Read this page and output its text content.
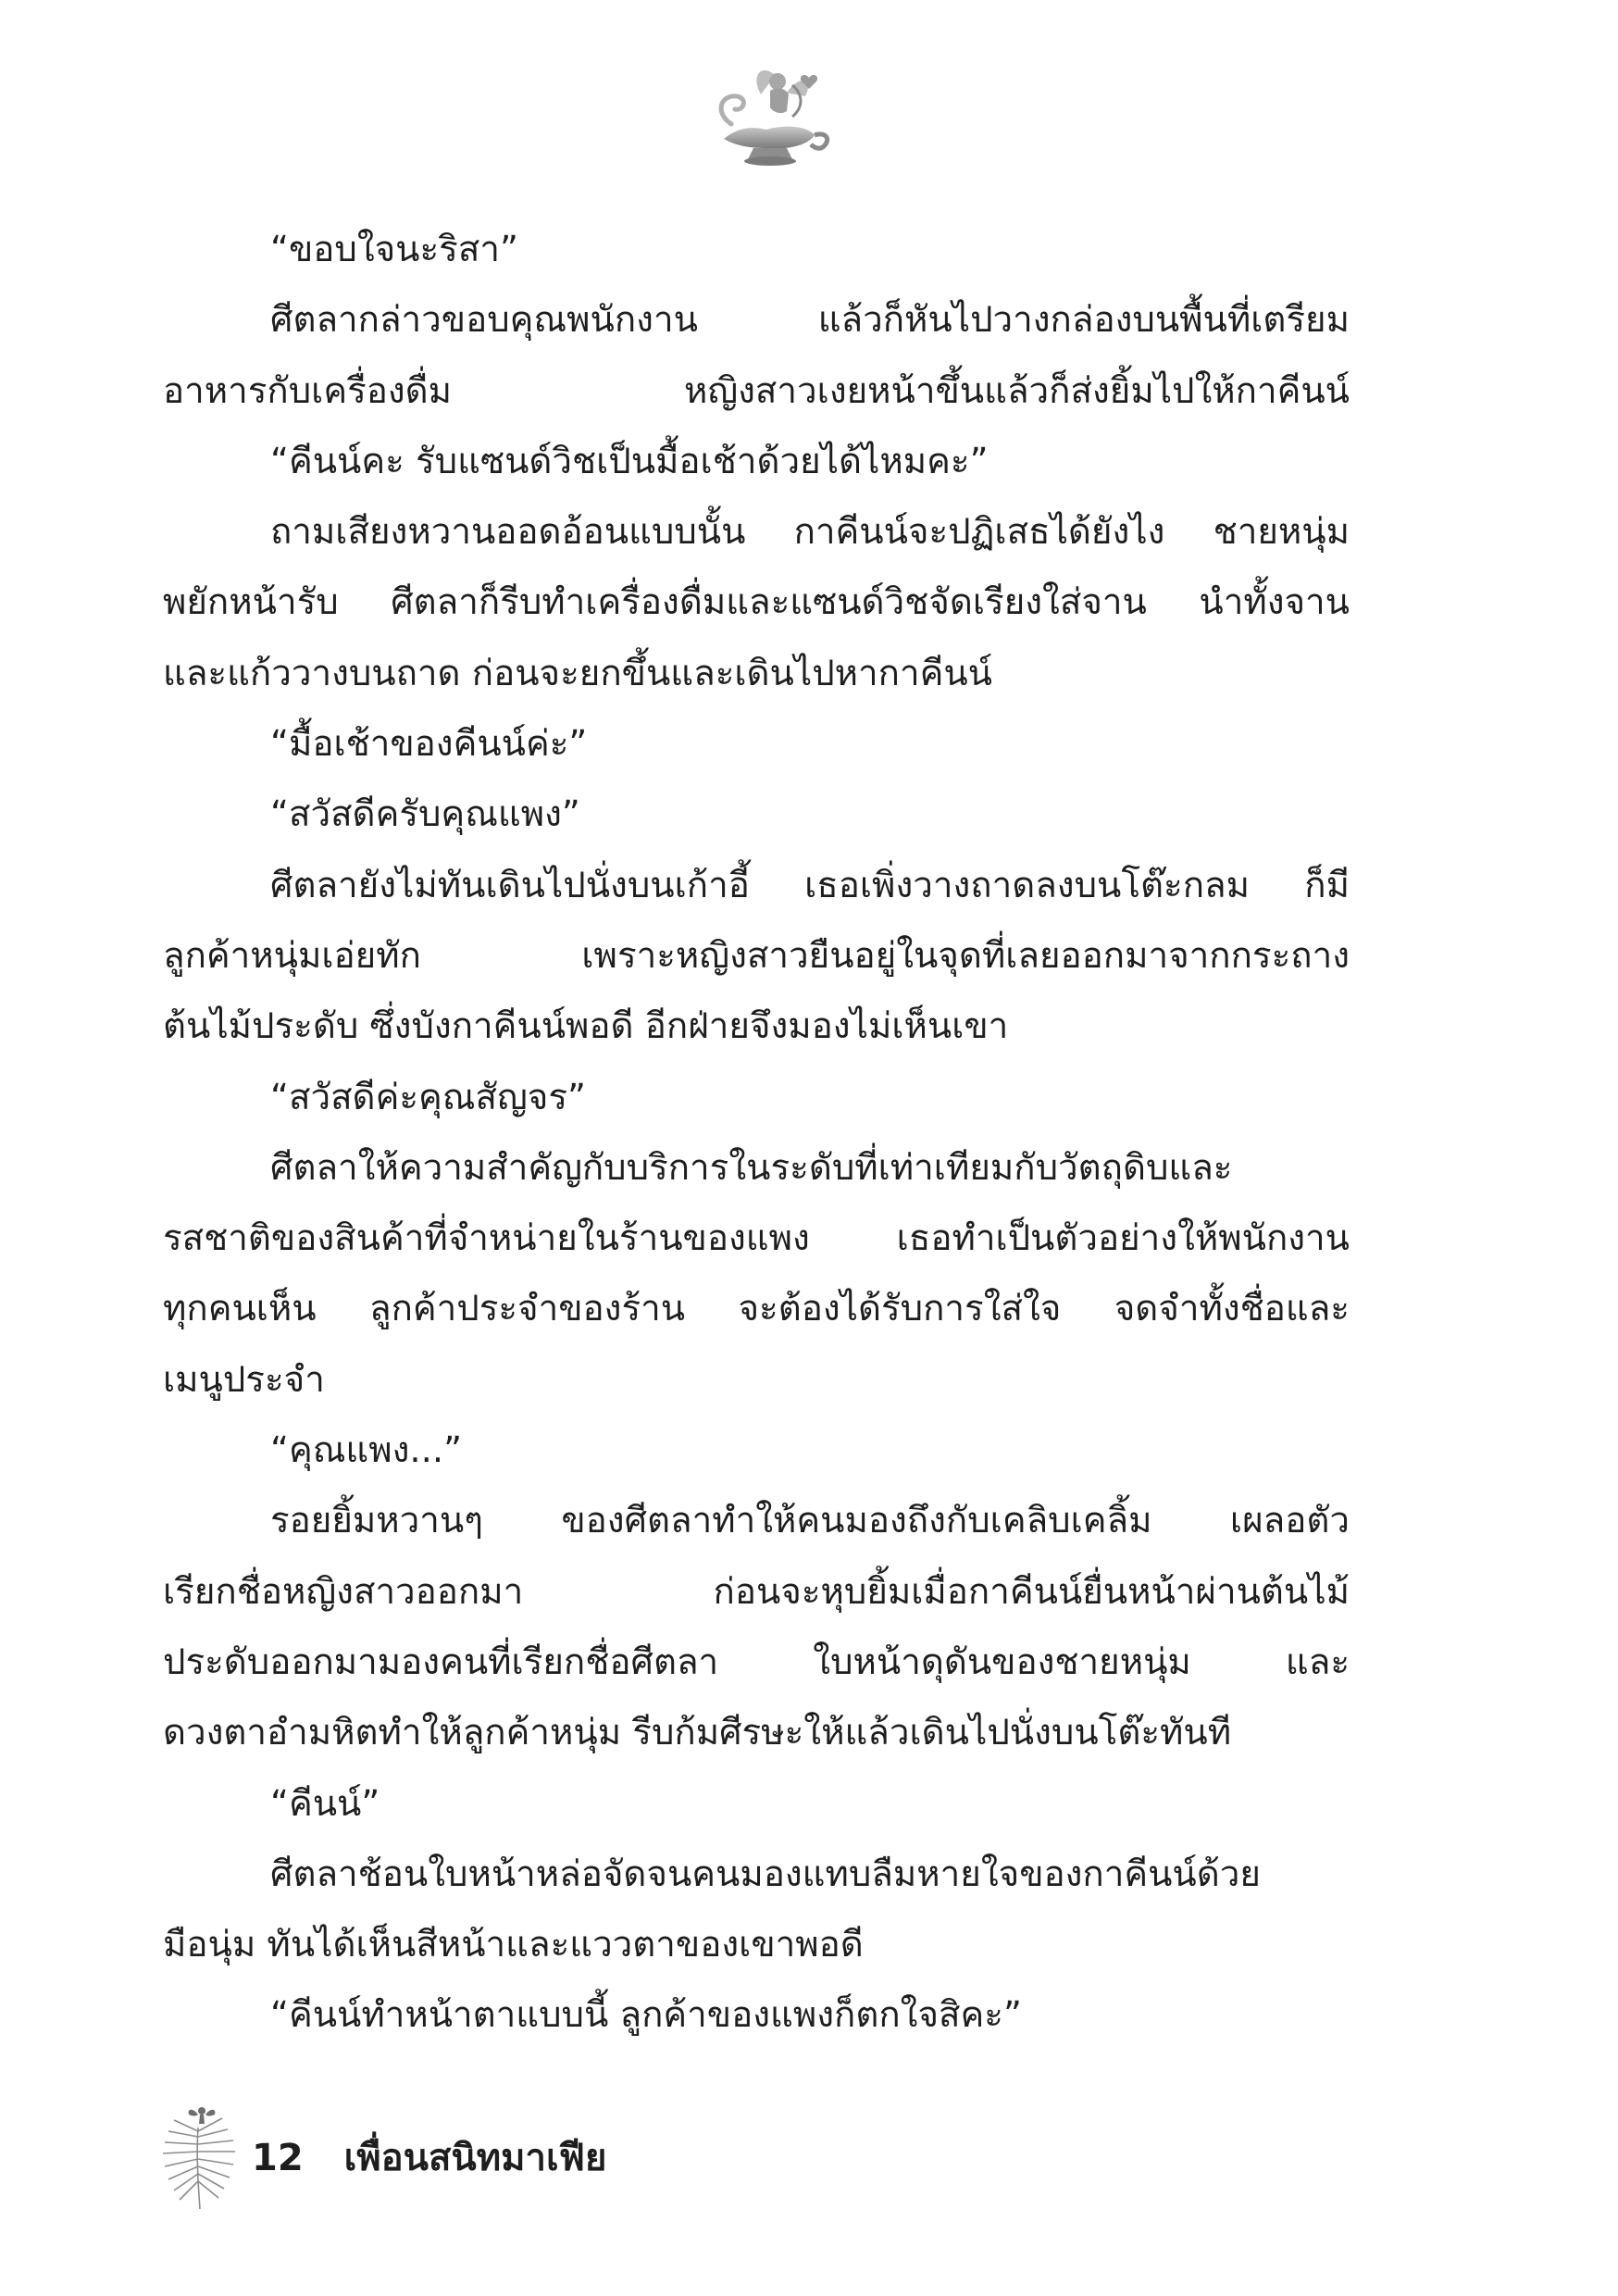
“ขอบใจนะริสา”
ศีตลากล่าวขอบคุณพนักงาน แล้วก็หันไปวางกล่องบนพื้นที่เตรียม
อาหารกับเครื่องดื่ม หญิงสาวเงยหน้าขึ้นแล้วก็ส่งยิ้มไปให้กาคีนน์
“คีนน์คะ รับแซนด์วิชเป็นมื้อเช้าด้วยได้ไหมคะ”
ถามเสียงหวานออดอ้อนแบบนั้น กาคีนน์จะปฏิเสธได้ยังไง ชายหนุ่ม
พยักหน้ารับ ศีตลาก็รีบทำเครื่องดื่มและแซนด์วิชจัดเรียงใส่จาน นำทั้งจาน
และแก้ววางบนถาด ก่อนจะยกขึ้นและเดินไปหากาคีนน์
“มื้อเช้าของคีนน์ค่ะ”
“สวัสดีครับคุณแพง”
ศีตลายังไม่ทันเดินไปนั่งบนเก้าอี้ เธอเพิ่งวางถาดลงบนโต๊ะกลม ก็มี
ลูกค้าหนุ่มเอ่ยทัก เพราะหญิงสาวยืนอยู่ในจุดที่เลยออกมาจากกระถาง
ต้นไม้ประดับ ซึ่งบังกาคีนน์พอดี อีกฝ่ายจึงมองไม่เห็นเขา
“สวัสดีค่ะคุณสัญจร”
ศีตลาให้ความสำคัญกับบริการในระดับที่เท่าเทียมกับวัตถุดิบและ
รสชาติของสินค้าที่จำหน่ายในร้านของแพง เธอทำเป็นตัวอย่างให้พนักงาน
ทุกคนเห็น ลูกค้าประจำของร้าน จะต้องได้รับการใส่ใจ จดจำทั้งชื่อและ
เมนูประจำ
“คุณแพง...”
รอยยิ้มหวานๆ ของศีตลาทำให้คนมองถึงกับเคลิบเคลิ้ม เผลอตัว
เรียกชื่อหญิงสาวออกมา ก่อนจะหุบยิ้มเมื่อกาคีนน์ยื่นหน้าผ่านต้นไม้
ประดับออกมามองคนที่เรียกชื่อศีตลา ใบหน้าดุดันของชายหนุ่ม และ
ดวงตาอำมหิตทำให้ลูกค้าหนุ่ม รีบก้มศีรษะให้แล้วเดินไปนั่งบนโต๊ะทันที
“คีนน์”
ศีตลาช้อนใบหน้าหล่อจัดจนคนมองแทบลืมหายใจของกาคีนน์ด้วย
มือนุ่ม ทันได้เห็นสีหน้าและแววตาของเขาพอดี
“คีนน์ทำหน้าตาแบบนี้ ลูกค้าของแพงก็ตกใจสิคะ”
12 เพื่อนสนิทมาเฟีย
